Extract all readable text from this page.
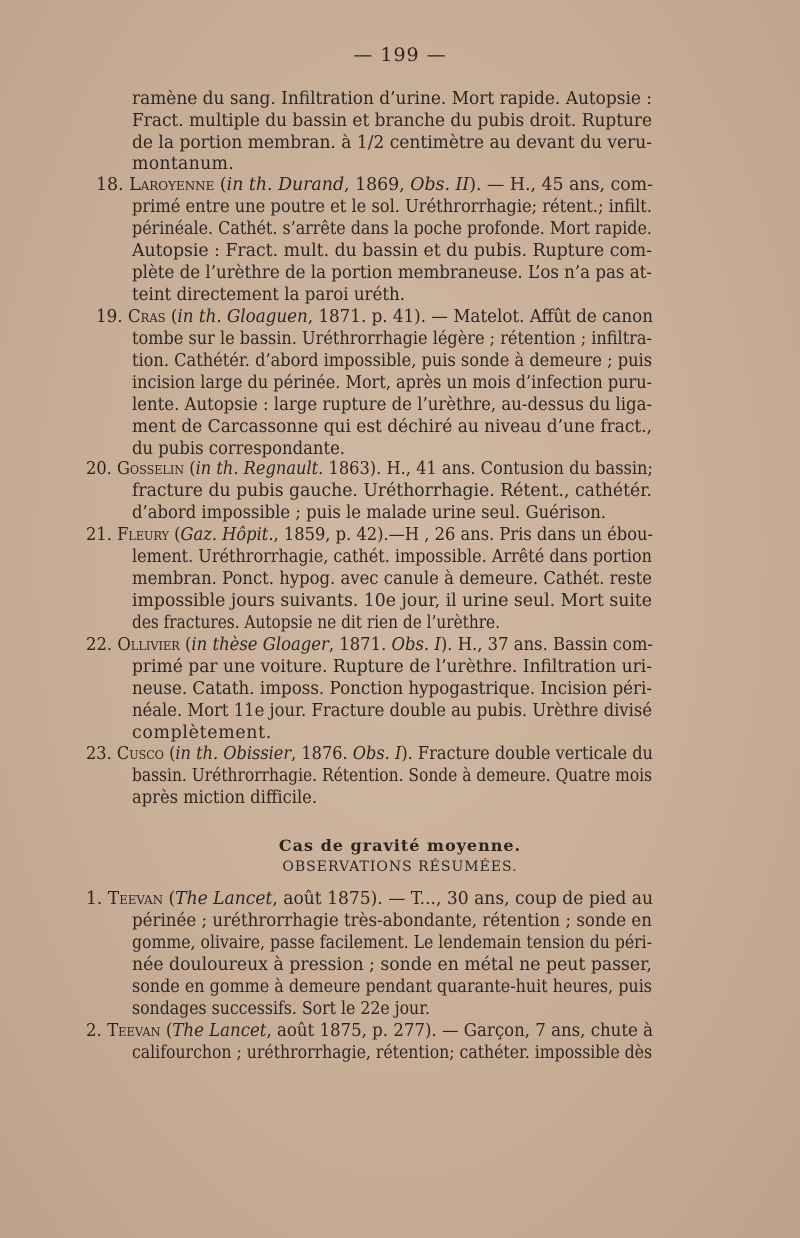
— 199 —
ramène du sang. Infiltration d’urine. Mort rapide. Autopsie :
Fract. multiple du bassin et branche du pubis droit. Rupture
de la portion membran. à 1/2 centimètre au devant du veru-
montanum.
18. Laroyenne (in th. Durand, 1869, Obs. II). — H., 45 ans, com-
primé entre une poutre et le sol. Uréthrorrhagie; rétent.; infilt.
périnéale. Cathét. s’arrête dans la poche profonde. Mort rapide.
Autopsie : Fract. mult. du bassin et du pubis. Rupture com-
plète de l’urèthre de la portion membraneuse. L’os n’a pas at-
teint directement la paroi uréth.
19. Cras (in th. Gloaguen, 1871. p. 41). — Matelot. Affût de canon
tombe sur le bassin. Uréthrorrhagie légère ; rétention ; infiltra-
tion. Cathétér. d’abord impossible, puis sonde à demeure ; puis
incision large du périnée. Mort, après un mois d’infection puru-
lente. Autopsie : large rupture de l’urèthre, au-dessus du liga-
ment de Carcassonne qui est déchiré au niveau d’une fract.,
du pubis correspondante.
20. Gosselin (in th. Regnault. 1863). H., 41 ans. Contusion du bassin;
fracture du pubis gauche. Uréthorrhagie. Rétent., cathétér.
d’abord impossible ; puis le malade urine seul. Guérison.
21. Fleury (Gaz. Hôpit., 1859, p. 42).—H , 26 ans. Pris dans un ébou-
lement. Uréthrorrhagie, cathét. impossible. Arrêté dans portion
membran. Ponct. hypog. avec canule à demeure. Cathét. reste
impossible jours suivants. 10e jour, il urine seul. Mort suite
des fractures. Autopsie ne dit rien de l’urèthre.
22. Ollivier (in thèse Gloager, 1871. Obs. I). H., 37 ans. Bassin com-
primé par une voiture. Rupture de l’urèthre. Infiltration uri-
neuse. Catath. imposs. Ponction hypogastrique. Incision péri-
néale. Mort 11e jour. Fracture double au pubis. Urèthre divisé
complètement.
23. Cusco (in th. Obissier, 1876. Obs. I). Fracture double verticale du
bassin. Uréthrorrhagie. Rétention. Sonde à demeure. Quatre mois
après miction difficile.
1. Teevan (The Lancet, août 1875). — T..., 30 ans, coup de pied au
périnée ; uréthrorrhagie très-abondante, rétention ; sonde en
gomme, olivaire, passe facilement. Le lendemain tension du péri-
née douloureux à pression ; sonde en métal ne peut passer,
sonde en gomme à demeure pendant quarante-huit heures, puis
sondages successifs. Sort le 22e jour.
2. Teevan (The Lancet, août 1875, p. 277). — Garçon, 7 ans, chute à
califourchon ; uréthrorrhagie, rétention; cathéter. impossible dès
Cas de gravité moyenne.
OBSERVATIONS RÉSUMÉES.
